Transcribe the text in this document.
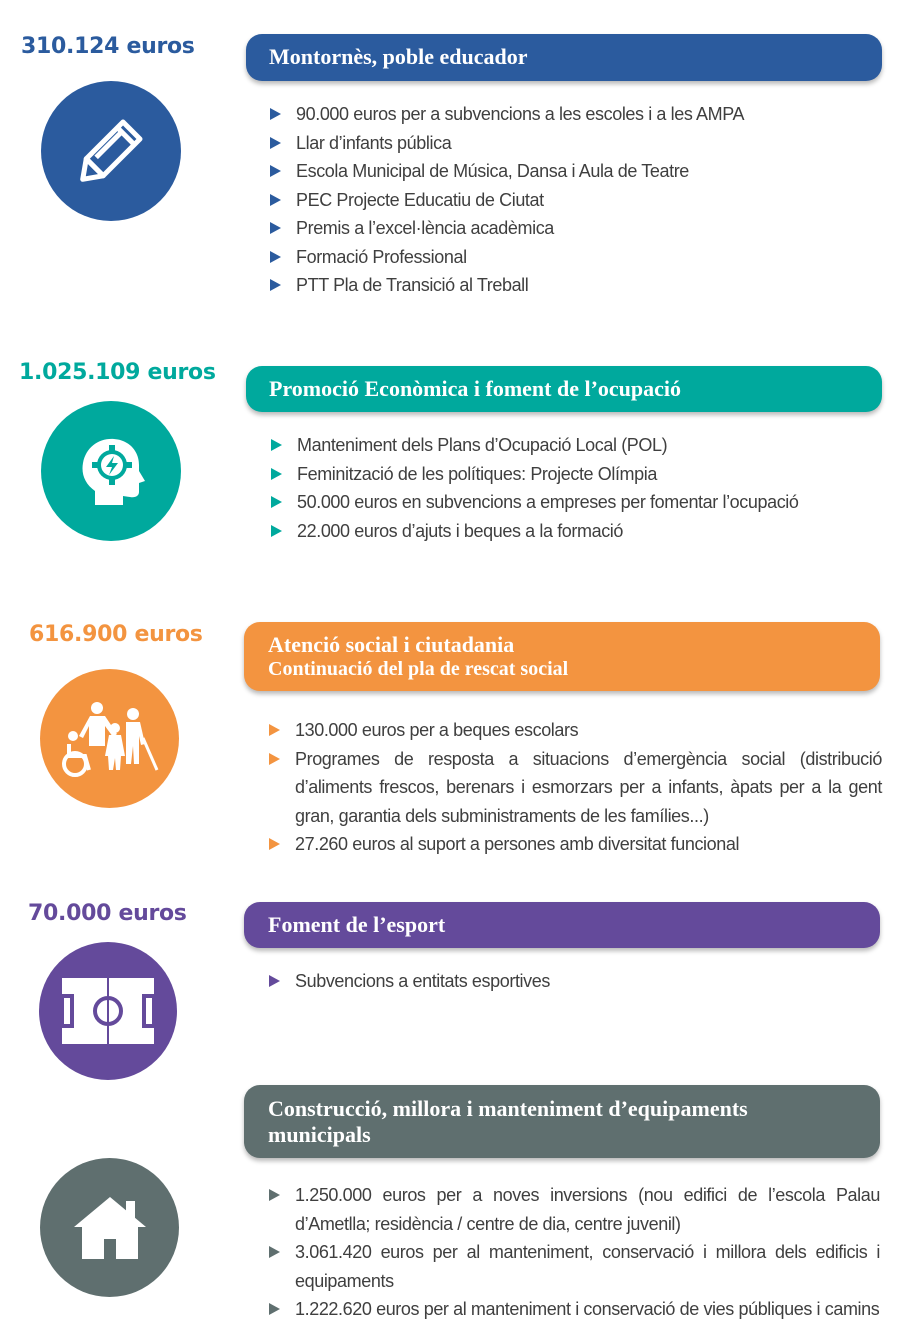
310.124 euros	Montornès, poble educador
90.000 euros per a subvencions a les escoles i a les AMPA
Llar d’infants pública
Escola Municipal de Música, Dansa i Aula de Teatre
PEC Projecte Educatiu de Ciutat
Premis a l’excel·lència acadèmica
Formació Professional
PTT Pla de Transició al Treball
1.025.109 euros
Promoció Econòmica i foment de l’ocupació
Manteniment dels Plans d’Ocupació Local (POL)
Feminització de les polítiques: Projecte Olímpia
50.000 euros en subvencions a empreses per fomentar l’ocupació
22.000 euros d’ajuts i beques a la formació
616.900 euros	Atenció social i ciutadania
Continuació del pla de rescat social
130.000 euros per a beques escolars
Programes de resposta a situacions d’emergència social (distribució d’aliments frescos, berenars i esmorzars per a infants, àpats per a la gent gran, garantia dels subministraments de les famílies...)
27.260 euros al suport a persones amb diversitat funcional
70.000 euros	Foment de l’esport
Subvencions a entitats esportives
Construcció, millora i manteniment d’equipaments
municipals
1.250.000 euros per a noves inversions (nou edifici de l’escola Palau d’Ametlla; residència / centre de dia, centre juvenil)
3.061.420 euros per al manteniment, conservació i millora dels edificis i equipaments
1.222.620 euros per al manteniment i conservació de vies públiques i camins
